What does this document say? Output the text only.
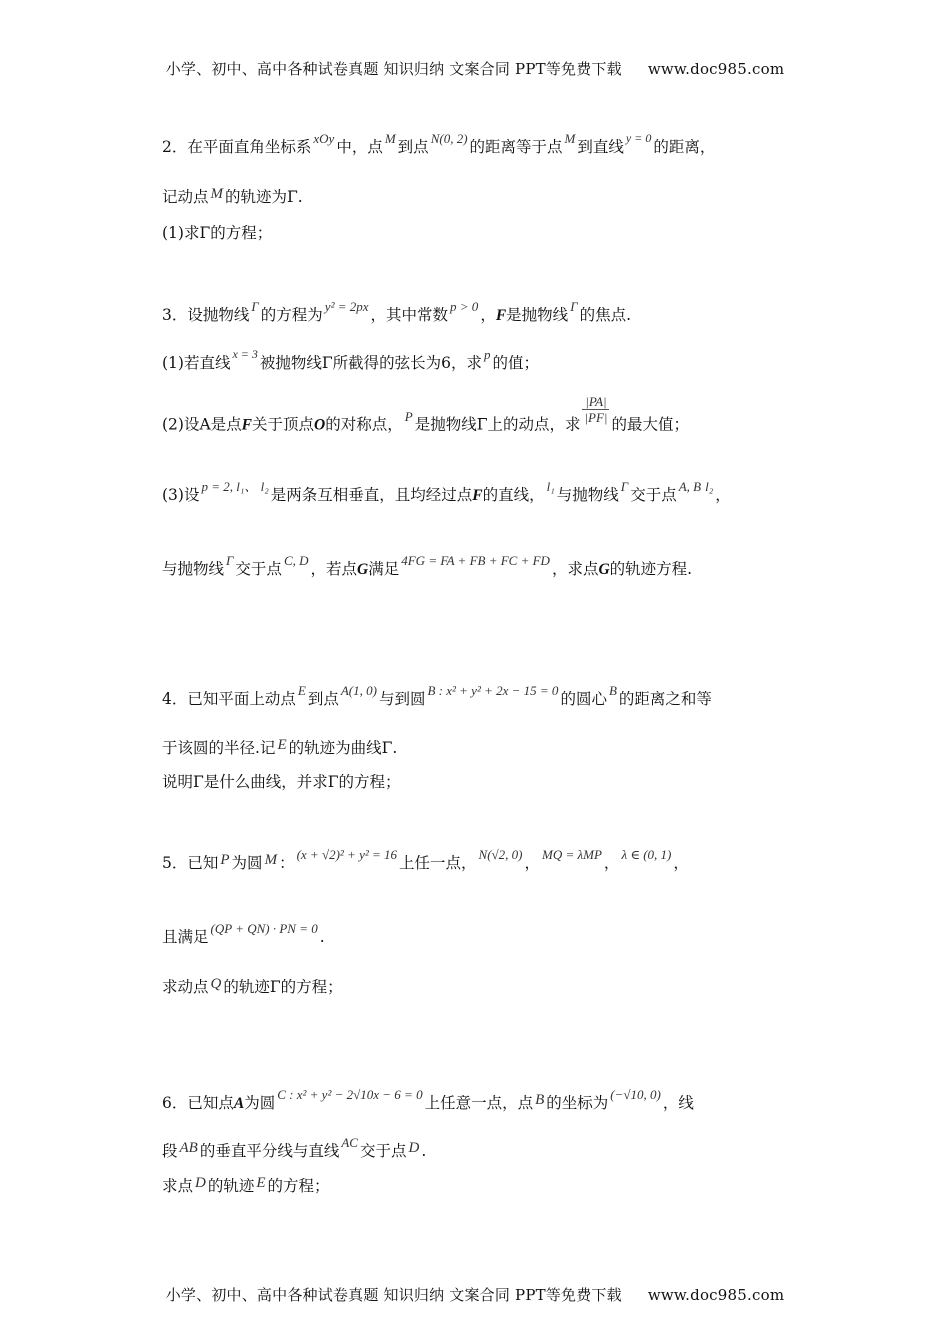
小学、初中、高中各种试卷真题 知识归纳 文案合同 PPT等免费下载 www.doc985.com
2．在平面直角坐标系 $^{xOy}$ 中，点 $^M$ 到点 $^{N(0, 2)}$ 的距离等于点 $^M$ 到直线 $^{y = 0}$ 的距离，
记动点 M 的轨迹为Γ.
(1)求Γ的方程；
3．设抛物线 $^\Gamma$ 的方程为 $^{y^2 = 2px}$ ，其中常数 $^{p > 0}$ ，F是抛物线 $^\Gamma$ 的焦点.
(1)若直线 $^{x = 3}$ 被抛物线Γ所截得的弦长为6，求 $^p$ 的值；
(2)设A是点F关于顶点O的对称点， $^P$ 是抛物线Γ上的动点，求 $\frac{|PA|}{|PF|}$ 的最大值；
(3)设 $^{p = 2, l_1、 l_2}$ 是两条互相垂直，且均经过点F的直线， $^{l_1}$ 与抛物线 $^\Gamma$ 交于点 $^{A, B}$ $^{l_2}$ ，
与抛物线 $^\Gamma$ 交于点 $^{C, D}$ ，若点G满足 $^{4FG = FA + FB + FC + FD}$ ，求点G的轨迹方程.
4．已知平面上动点 $^E$ 到点 $^{A(1, 0)}$ 与到圆 $^{B : x^2 + y^2 + 2x - 15 = 0}$ 的圆心 $^B$ 的距离之和等
于该圆的半径.记 E 的轨迹为曲线Γ.
说明Γ是什么曲线，并求Γ的方程；
5．已知 P 为圆 M ： $^{(x + √2)^2 + y^2 = 16}$ 上任一点， $^{N(√2, 0)}$ ， $^{MQ = \lambda MP}$ ， $^{\lambda \in (0, 1)}$ ，
且满足 $^{(QP + QN) \cdot PN = 0}$ .
求动点 Q 的轨迹Γ的方程；
6．已知点A为圆 $^{C : x^2 + y^2 - 2√10x - 6 = 0}$ 上任意一点，点 B 的坐标为 $^{(-√10, 0)}$ ，线
段 AB 的垂直平分线与直线 $^{AC}$ 交于点 D .
求点 D 的轨迹 E 的方程；
小学、初中、高中各种试卷真题 知识归纳 文案合同 PPT等免费下载 www.doc985.com
